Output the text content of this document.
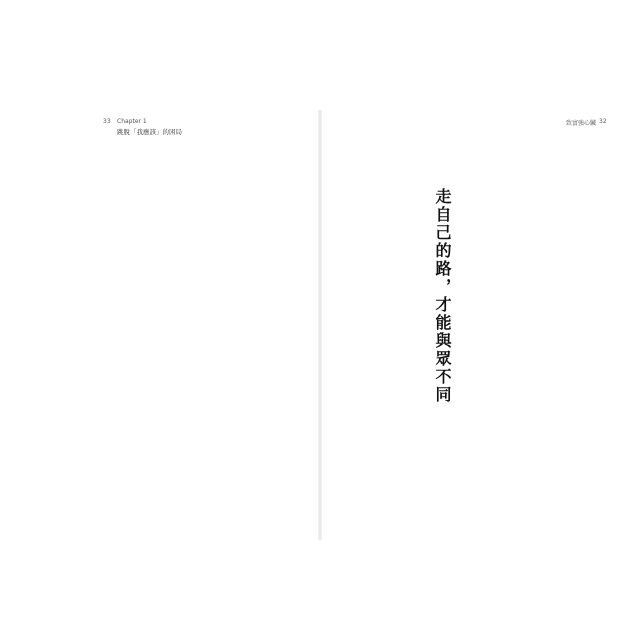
33 Chapter 1
跳脫「我應該」的困局
致富強心臟 32
走自己的路，才能與眾不同
